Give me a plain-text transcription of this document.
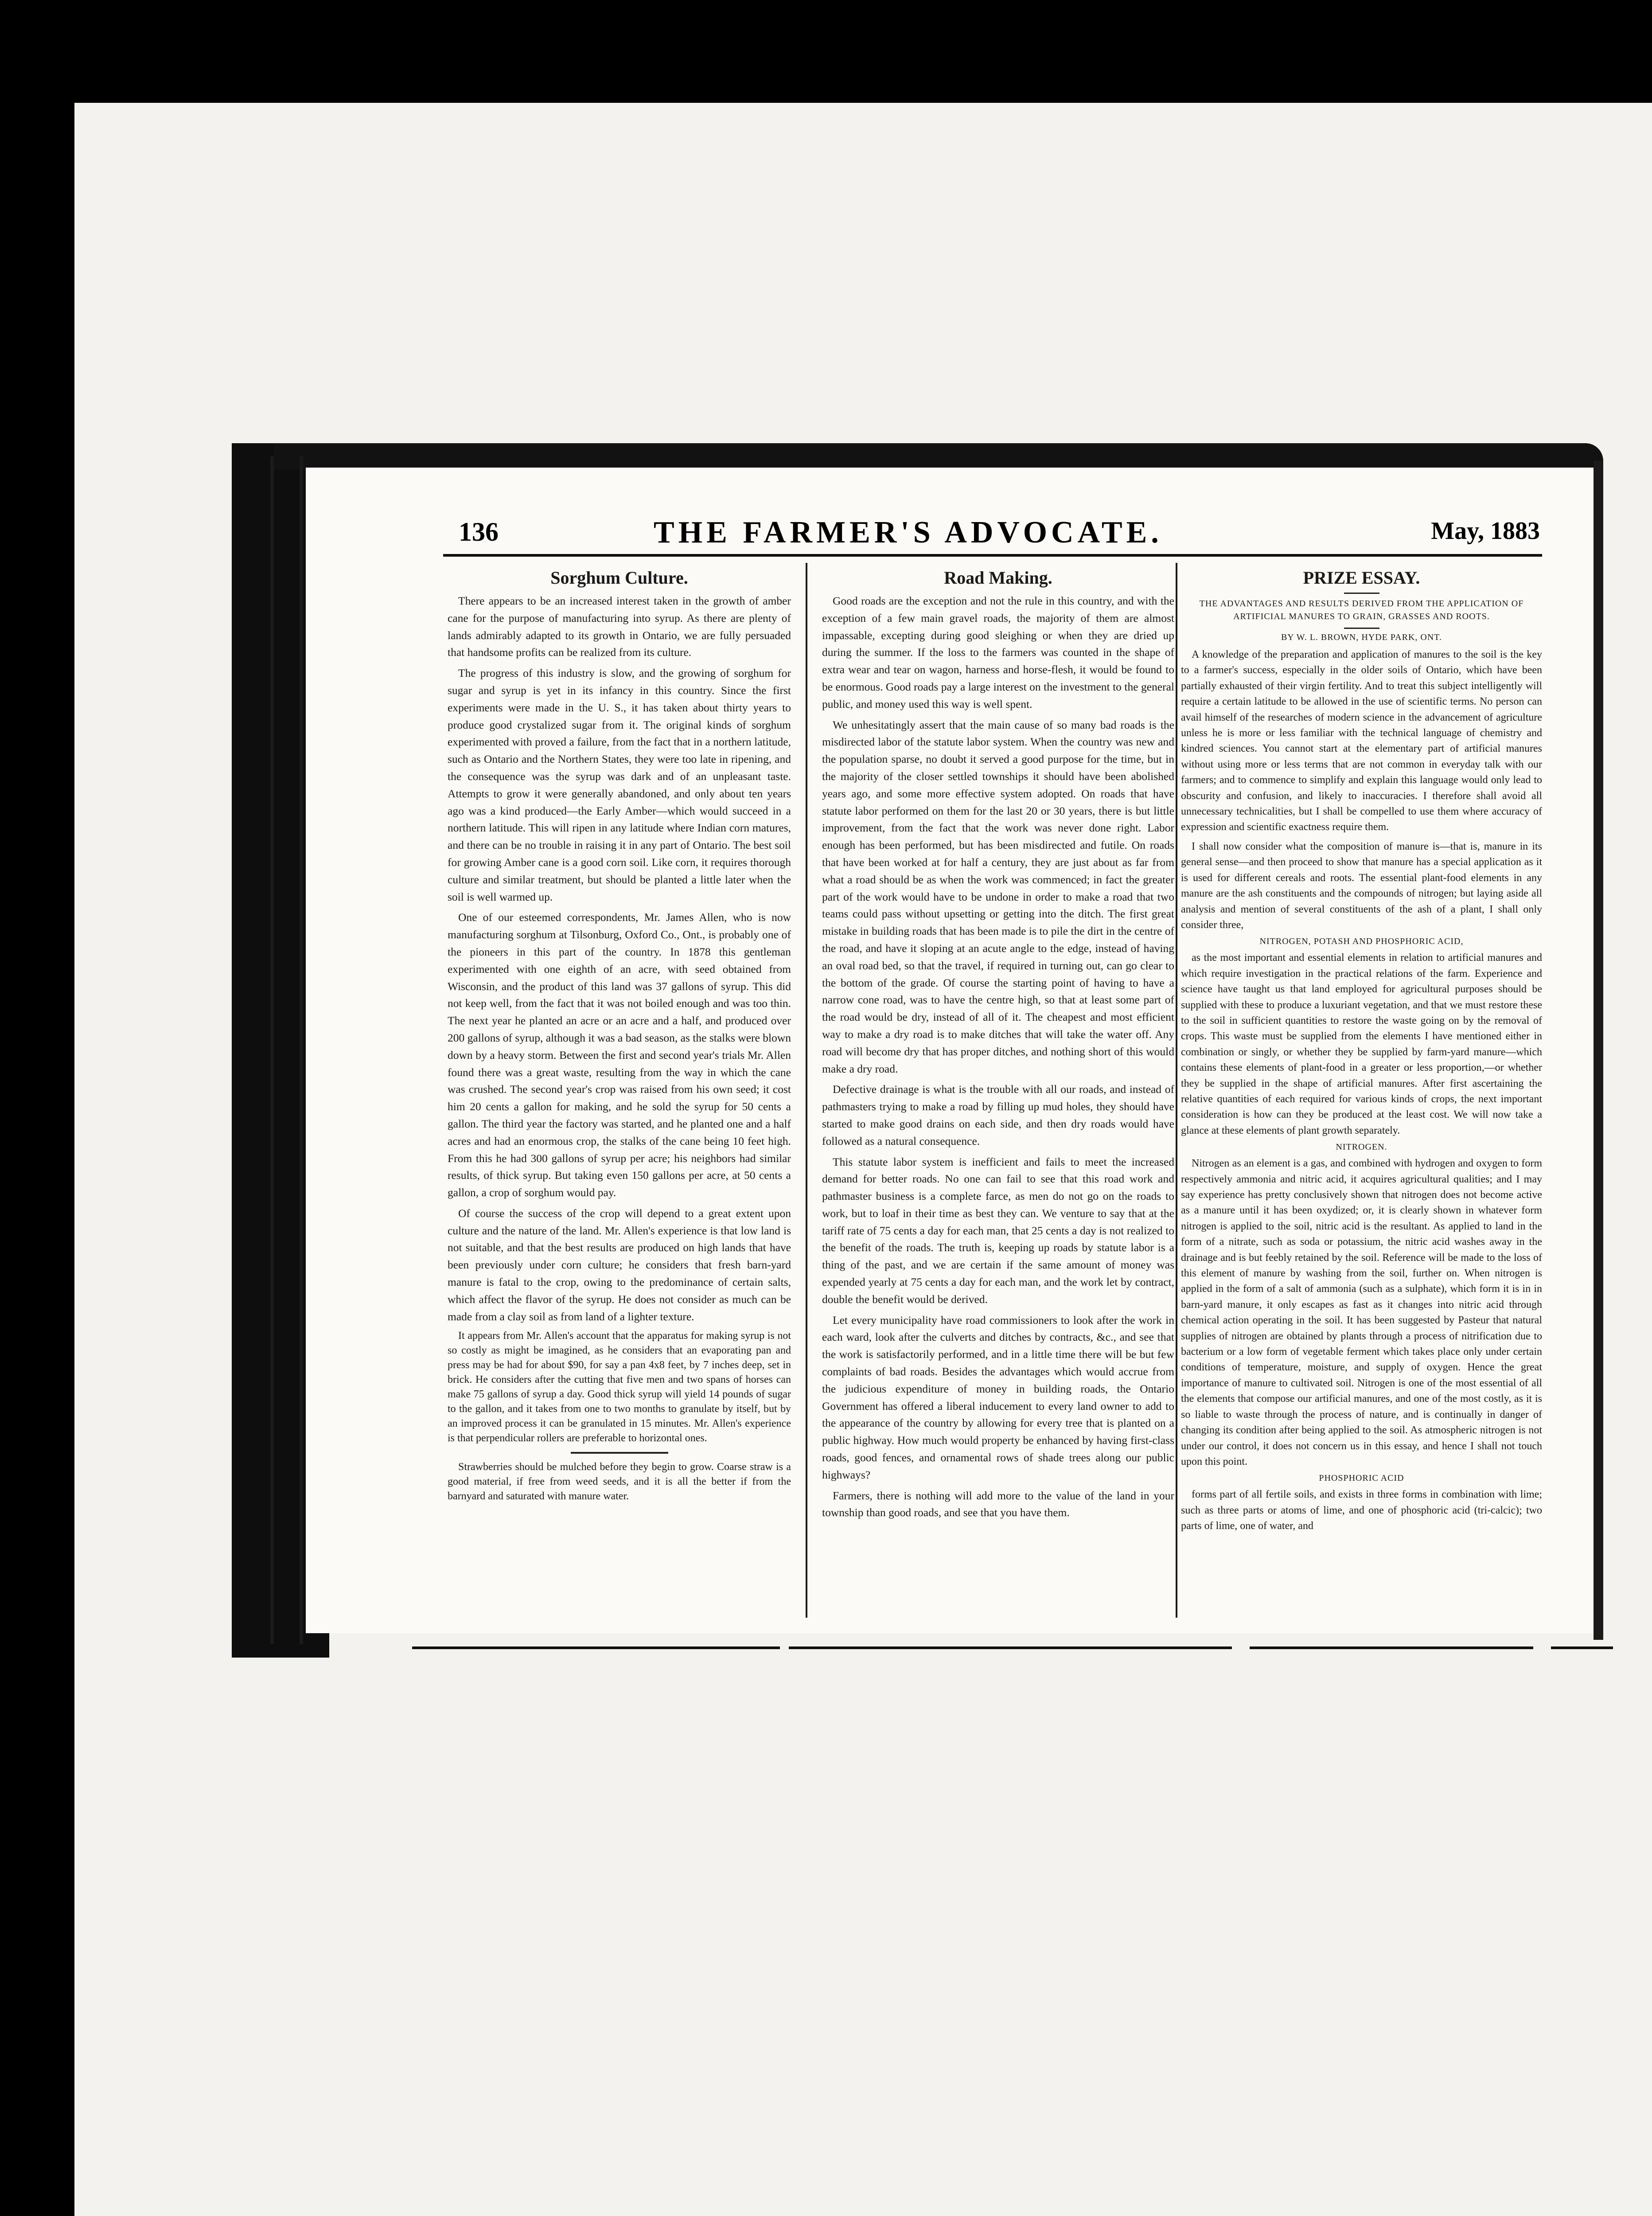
136	THE FARMER'S ADVOCATE.	May, 1883
Sorghum Culture.

There appears to be an increased interest taken in the growth of amber cane for the purpose of manufacturing into syrup. As there are plenty of lands admirably adapted to its growth in Ontario, we are fully persuaded that handsome profits can be realized from its culture.

The progress of this industry is slow, and the growing of sorghum for sugar and syrup is yet in its infancy in this country. Since the first experiments were made in the U. S., it has taken about thirty years to produce good crystalized sugar from it. The original kinds of sorghum experimented with proved a failure, from the fact that in a northern latitude, such as Ontario and the Northern States, they were too late in ripening, and the consequence was the syrup was dark and of an unpleasant taste. Attempts to grow it were generally abandoned, and only about ten years ago was a kind produced—the Early Amber—which would succeed in a northern latitude. This will ripen in any latitude where Indian corn matures, and there can be no trouble in raising it in any part of Ontario. The best soil for growing Amber cane is a good corn soil. Like corn, it requires thorough culture and similar treatment, but should be planted a little later when the soil is well warmed up.

One of our esteemed correspondents, Mr. James Allen, who is now manufacturing sorghum at Tilsonburg, Oxford Co., Ont., is probably one of the pioneers in this part of the country. In 1878 this gentleman experimented with one eighth of an acre, with seed obtained from Wisconsin, and the product of this land was 37 gallons of syrup. This did not keep well, from the fact that it was not boiled enough and was too thin. The next year he planted an acre or an acre and a half, and produced over 200 gallons of syrup, although it was a bad season, as the stalks were blown down by a heavy storm. Between the first and second year's trials Mr. Allen found there was a great waste, resulting from the way in which the cane was crushed. The second year's crop was raised from his own seed; it cost him 20 cents a gallon for making, and he sold the syrup for 50 cents a gallon. The third year the factory was started, and he planted one and a half acres and had an enormous crop, the stalks of the cane being 10 feet high. From this he had 300 gallons of syrup per acre; his neighbors had similar results, of thick syrup. But taking even 150 gallons per acre, at 50 cents a gallon, a crop of sorghum would pay.

Of course the success of the crop will depend to a great extent upon culture and the nature of the land. Mr. Allen's experience is that low land is not suitable, and that the best results are produced on high lands that have been previously under corn culture; he considers that fresh barn-yard manure is fatal to the crop, owing to the predominance of certain salts, which affect the flavor of the syrup. He does not consider as much can be made from a clay soil as from land of a lighter texture.

It appears from Mr. Allen's account that the apparatus for making syrup is not so costly as might be imagined, as he considers that an evaporating pan and press may be had for about $90, for say a pan 4x8 feet, by 7 inches deep, set in brick. He considers after the cutting that five men and two spans of horses can make 75 gallons of syrup a day. Good thick syrup will yield 14 pounds of sugar to the gallon, and it takes from one to two months to granulate by itself, but by an improved process it can be granulated in 15 minutes. Mr. Allen's experience is that perpendicular rollers are preferable to horizontal ones.

Strawberries should be mulched before they begin to grow. Coarse straw is a good material, if free from weed seeds, and it is all the better if from the barnyard and saturated with manure water.

Road Making.

Good roads are the exception and not the rule in this country, and with the exception of a few main gravel roads, the majority of them are almost impassable, excepting during good sleighing or when they are dried up during the summer. If the loss to the farmers was counted in the shape of extra wear and tear on wagon, harness and horse-flesh, it would be found to be enormous. Good roads pay a large interest on the investment to the general public, and money used this way is well spent.

We unhesitatingly assert that the main cause of so many bad roads is the misdirected labor of the statute labor system. When the country was new and the population sparse, no doubt it served a good purpose for the time, but in the majority of the closer settled townships it should have been abolished years ago, and some more effective system adopted. On roads that have statute labor performed on them for the last 20 or 30 years, there is but little improvement, from the fact that the work was never done right. Labor enough has been performed, but has been misdirected and futile. On roads that have been worked at for half a century, they are just about as far from what a road should be as when the work was commenced; in fact the greater part of the work would have to be undone in order to make a road that two teams could pass without upsetting or getting into the ditch. The first great mistake in building roads that has been made is to pile the dirt in the centre of the road, and have it sloping at an acute angle to the edge, instead of having an oval road bed, so that the travel, if required in turning out, can go clear to the bottom of the grade. Of course the starting point of having to have a narrow cone road, was to have the centre high, so that at least some part of the road would be dry, instead of all of it. The cheapest and most efficient way to make a dry road is to make ditches that will take the water off. Any road will become dry that has proper ditches, and nothing short of this would make a dry road.

Defective drainage is what is the trouble with all our roads, and instead of pathmasters trying to make a road by filling up mud holes, they should have started to make good drains on each side, and then dry roads would have followed as a natural consequence.

This statute labor system is inefficient and fails to meet the increased demand for better roads. No one can fail to see that this road work and pathmaster business is a complete farce, as men do not go on the roads to work, but to loaf in their time as best they can. We venture to say that at the tariff rate of 75 cents a day for each man, that 25 cents a day is not realized to the benefit of the roads. The truth is, keeping up roads by statute labor is a thing of the past, and we are certain if the same amount of money was expended yearly at 75 cents a day for each man, and the work let by contract, double the benefit would be derived.

Let every municipality have road commissioners to look after the work in each ward, look after the culverts and ditches by contracts, &c., and see that the work is satisfactorily performed, and in a little time there will be but few complaints of bad roads. Besides the advantages which would accrue from the judicious expenditure of money in building roads, the Ontario Government has offered a liberal inducement to every land owner to add to the appearance of the country by allowing for every tree that is planted on a public highway. How much would property be enhanced by having first-class roads, good fences, and ornamental rows of shade trees along our public highways?

Farmers, there is nothing will add more to the value of the land in your township than good roads, and see that you have them.

PRIZE ESSAY.
THE ADVANTAGES AND RESULTS DERIVED FROM THE APPLICATION OF ARTIFICIAL MANURES TO GRAIN, GRASSES AND ROOTS.
BY W. L. BROWN, HYDE PARK, ONT.

A knowledge of the preparation and application of manures to the soil is the key to a farmer's success, especially in the older soils of Ontario, which have been partially exhausted of their virgin fertility. And to treat this subject intelligently will require a certain latitude to be allowed in the use of scientific terms. No person can avail himself of the researches of modern science in the advancement of agriculture unless he is more or less familiar with the technical language of chemistry and kindred sciences. You cannot start at the elementary part of artificial manures without using more or less terms that are not common in everyday talk with our farmers; and to commence to simplify and explain this language would only lead to obscurity and confusion, and likely to inaccuracies. I therefore shall avoid all unnecessary technicalities, but I shall be compelled to use them where accuracy of expression and scientific exactness require them.

I shall now consider what the composition of manure is—that is, manure in its general sense—and then proceed to show that manure has a special application as it is used for different cereals and roots. The essential plant-food elements in any manure are the ash constituents and the compounds of nitrogen; but laying aside all analysis and mention of several constituents of the ash of a plant, I shall only consider three,

NITROGEN, POTASH AND PHOSPHORIC ACID,

as the most important and essential elements in relation to artificial manures and which require investigation in the practical relations of the farm. Experience and science have taught us that land employed for agricultural purposes should be supplied with these to produce a luxuriant vegetation, and that we must restore these to the soil in sufficient quantities to restore the waste going on by the removal of crops. This waste must be supplied from the elements I have mentioned either in combination or singly, or whether they be supplied by farm-yard manure—which contains these elements of plant-food in a greater or less proportion,—or whether they be supplied in the shape of artificial manures. After first ascertaining the relative quantities of each required for various kinds of crops, the next important consideration is how can they be produced at the least cost. We will now take a glance at these elements of plant growth separately.

NITROGEN.

Nitrogen as an element is a gas, and combined with hydrogen and oxygen to form respectively ammonia and nitric acid, it acquires agricultural qualities; and I may say experience has pretty conclusively shown that nitrogen does not become active as a manure until it has been oxydized; or, it is clearly shown in whatever form nitrogen is applied to the soil, nitric acid is the resultant. As applied to land in the form of a nitrate, such as soda or potassium, the nitric acid washes away in the drainage and is but feebly retained by the soil. Reference will be made to the loss of this element of manure by washing from the soil, further on. When nitrogen is applied in the form of a salt of ammonia (such as a sulphate), which form it is in in barn-yard manure, it only escapes as fast as it changes into nitric acid through chemical action operating in the soil. It has been suggested by Pasteur that natural supplies of nitrogen are obtained by plants through a process of nitrification due to bacterium or a low form of vegetable ferment which takes place only under certain conditions of temperature, moisture, and supply of oxygen. Hence the great importance of manure to cultivated soil. Nitrogen is one of the most essential of all the elements that compose our artificial manures, and one of the most costly, as it is so liable to waste through the process of nature, and is continually in danger of changing its condition after being applied to the soil. As atmospheric nitrogen is not under our control, it does not concern us in this essay, and hence I shall not touch upon this point.

PHOSPHORIC ACID

forms part of all fertile soils, and exists in three forms in combination with lime; such as three parts or atoms of lime, and one of phosphoric acid (tri-calcic); two parts of lime, one of water, and
